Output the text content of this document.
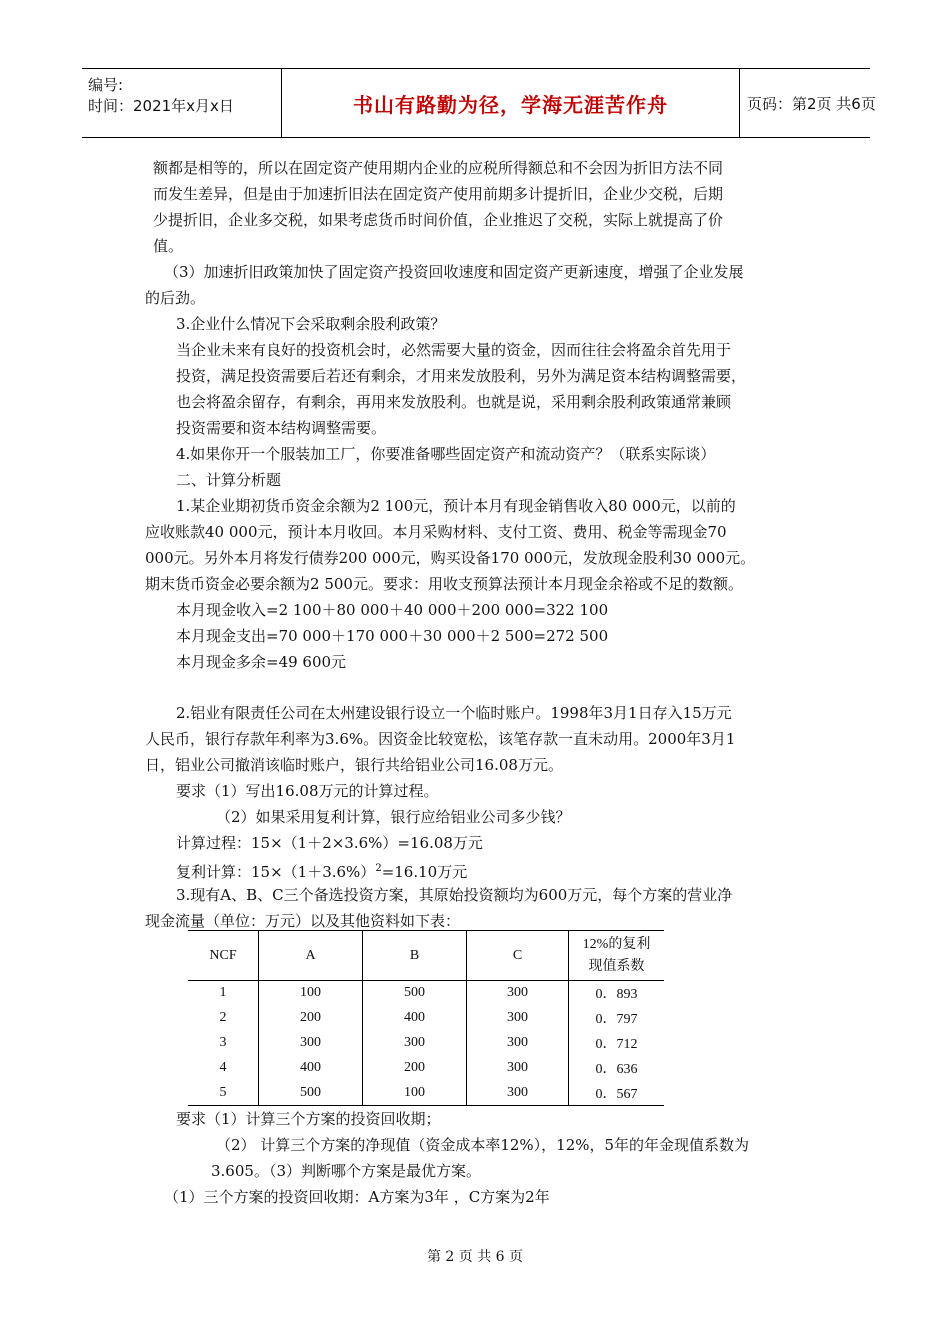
编号:
时间：2021年x月x日	书山有路勤为径，学海无涯苦作舟	页码：第2页 共6页
额都是相等的，所以在固定资产使用期内企业的应税所得额总和不会因为折旧方法不同
而发生差异，但是由于加速折旧法在固定资产使用前期多计提折旧，企业少交税，后期
少提折旧，企业多交税，如果考虑货币时间价值，企业推迟了交税，实际上就提高了价
值。
（3）加速折旧政策加快了固定资产投资回收速度和固定资产更新速度，增强了企业发展
的后劲。
3.企业什么情况下会采取剩余股利政策？
当企业未来有良好的投资机会时，必然需要大量的资金，因而往往会将盈余首先用于
投资，满足投资需要后若还有剩余，才用来发放股利，另外为满足资本结构调整需要，
也会将盈余留存，有剩余，再用来发放股利。也就是说，采用剩余股利政策通常兼顾
投资需要和资本结构调整需要。
4.如果你开一个服装加工厂，你要准备哪些固定资产和流动资产？（联系实际谈）
二、计算分析题
1.某企业期初货币资金余额为2 100元，预计本月有现金销售收入80 000元，以前的
应收账款40 000元，预计本月收回。本月采购材料、支付工资、费用、税金等需现金70
000元。另外本月将发行债券200 000元，购买设备170 000元，发放现金股利30 000元。
期末货币资金必要余额为2 500元。要求：用收支预算法预计本月现金余裕或不足的数额。
本月现金收入=2 100＋80 000＋40 000＋200 000=322 100
本月现金支出=70 000＋170 000＋30 000＋2 500=272 500
本月现金多余=49 600元
2.铝业有限责任公司在太州建设银行设立一个临时账户。1998年3月1日存入15万元
人民币，银行存款年利率为3.6%。因资金比较宽松，该笔存款一直未动用。2000年3月1
日，铝业公司撤消该临时账户，银行共给铝业公司16.08万元。
要求（1）写出16.08万元的计算过程。
（2）如果采用复利计算，银行应给铝业公司多少钱？
计算过程：15×（1＋2×3.6%）=16.08万元
复利计算：$15\times(1+3.6\%)^2=16.10$万元
3.现有A、B、C三个备选投资方案，其原始投资额均为600万元，每个方案的营业净
现金流量（单位：万元）以及其他资料如下表：
NCF	A	B	C	12%的复利
现值系数

1	100	500	300	0．893
2	200	400	300	0．797
3	300	300	300	0．712
4	400	200	300	0．636
5	500	100	300	0．567
要求（1）计算三个方案的投资回收期；
（2） 计算三个方案的净现值（资金成本率12%），12%，5年的年金现值系数为
3.605。（3）判断哪个方案是最优方案。
（1）三个方案的投资回收期：A方案为3年 ，C方案为2年
第 2 页 共 6 页
